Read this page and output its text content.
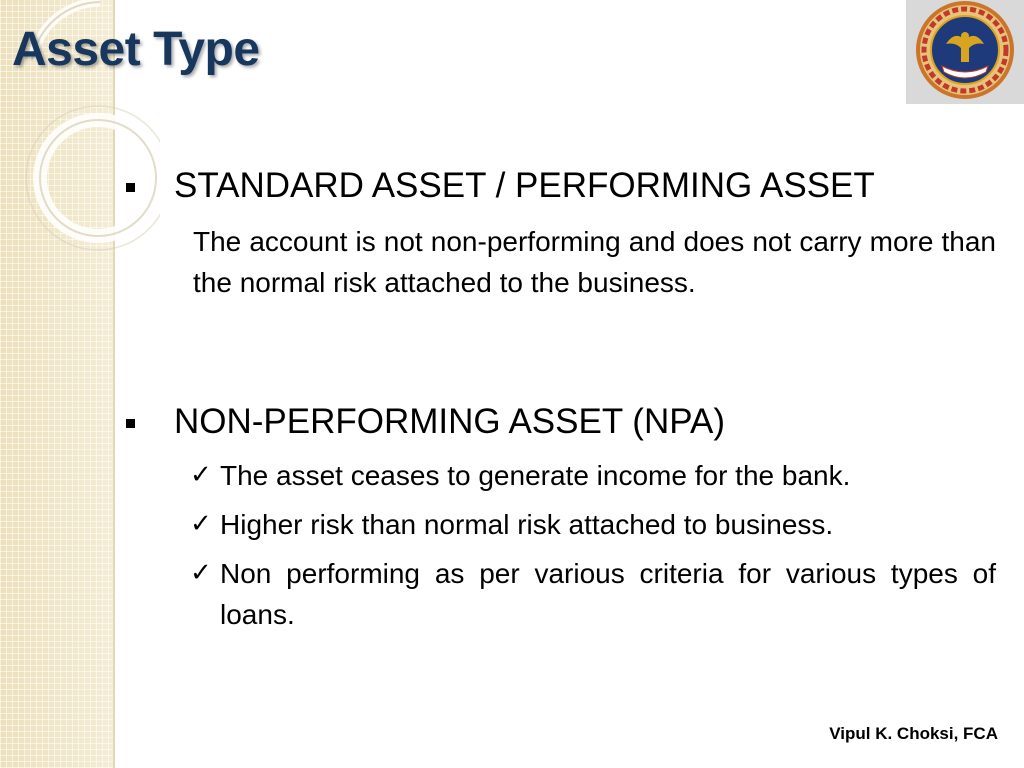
Asset Type
STANDARD ASSET / PERFORMING ASSET

The account is not non-performing and does not carry more than the normal risk attached to the business.

NON-PERFORMING ASSET (NPA)
✓ The asset ceases to generate income for the bank.

✓ Higher risk than normal risk attached to business.

✓ Non performing as per various criteria for various types of loans.

Vipul K. Choksi, FCA
